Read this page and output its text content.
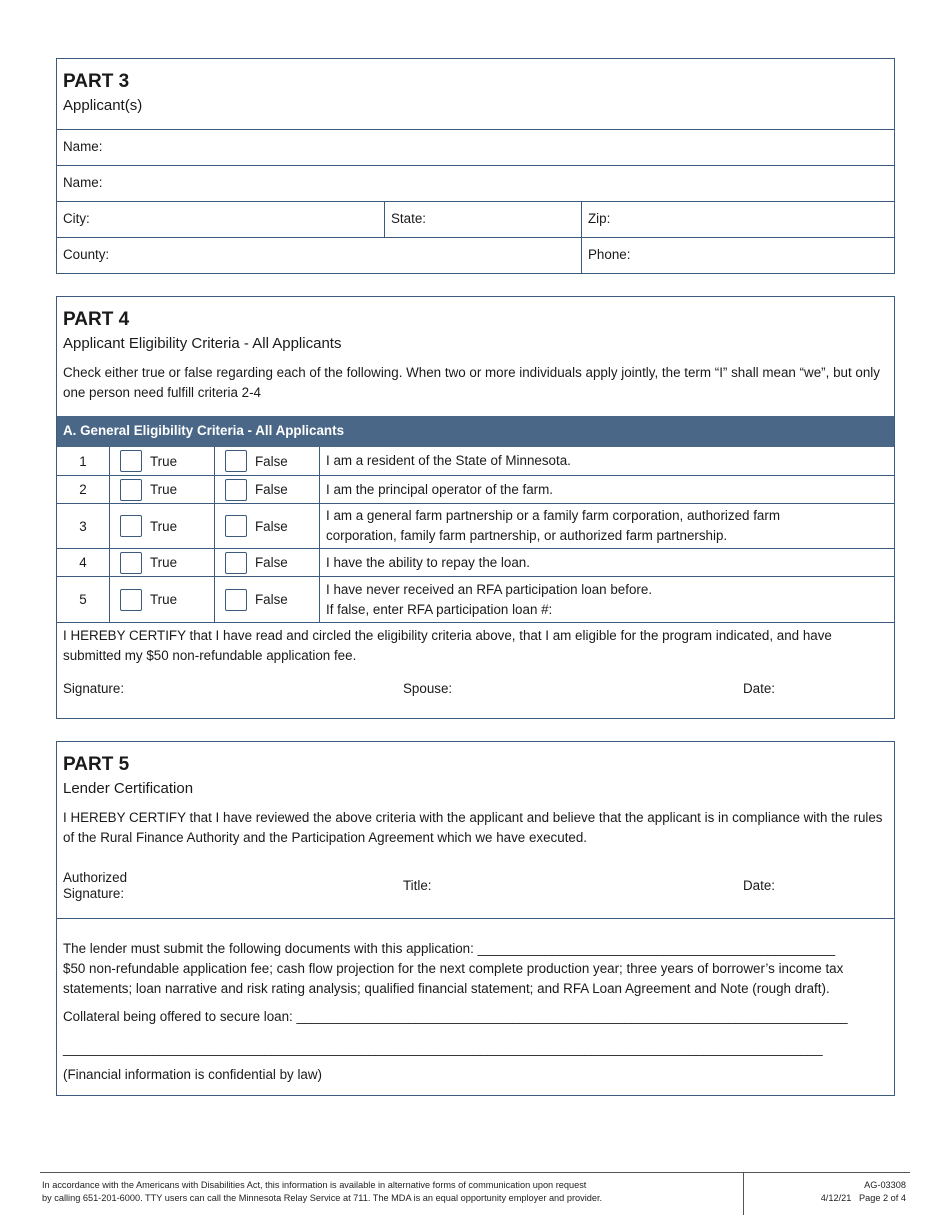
PART 3
Applicant(s)
Name:
Name:
City:	State:	Zip:
County:	Phone:
PART 4
Applicant Eligibility Criteria - All Applicants
Check either true or false regarding each of the following. When two or more individuals apply jointly, the term “I” shall mean “we”, but only one person need fulfill criteria 2-4
A. General Eligibility Criteria - All Applicants
1	True	False	I am a resident of the State of Minnesota.
2	True	False	I am the principal operator of the farm.
3	True	False
I am a general farm partnership or a family farm corporation, authorized farm
corporation, family farm partnership, or authorized farm partnership.
4	True	False	I have the ability to repay the loan.
5	True	False
I have never received an RFA participation loan before.
If false, enter RFA participation loan #:
I HEREBY CERTIFY that I have read and circled the eligibility criteria above, that I am eligible for the program indicated, and have submitted my $50 non-refundable application fee.
Signature:	Spouse:	Date:
PART 5
Lender Certification
I HEREBY CERTIFY that I have reviewed the above criteria with the applicant and believe that the applicant is in compliance with the rules of the Rural Finance Authority and the Participation Agreement which we have executed.
Authorized
Signature:
Title:	Date:
The lender must submit the following documents with this application: ________________________________________________
$50 non-refundable application fee; cash flow projection for the next complete production year; three years of borrower’s income tax statements; loan narrative and risk rating analysis; qualified financial statement; and RFA Loan Agreement and Note (rough draft).
Collateral being offered to secure loan: __________________________________________________________________________
______________________________________________________________________________________________________
(Financial information is confidential by law)
In accordance with the Americans with Disabilities Act, this information is available in alternative forms of communication upon request
by calling 651-201-6000. TTY users can call the Minnesota Relay Service at 711. The MDA is an equal opportunity employer and provider.
AG-03308
4/12/21   Page 2 of 4
